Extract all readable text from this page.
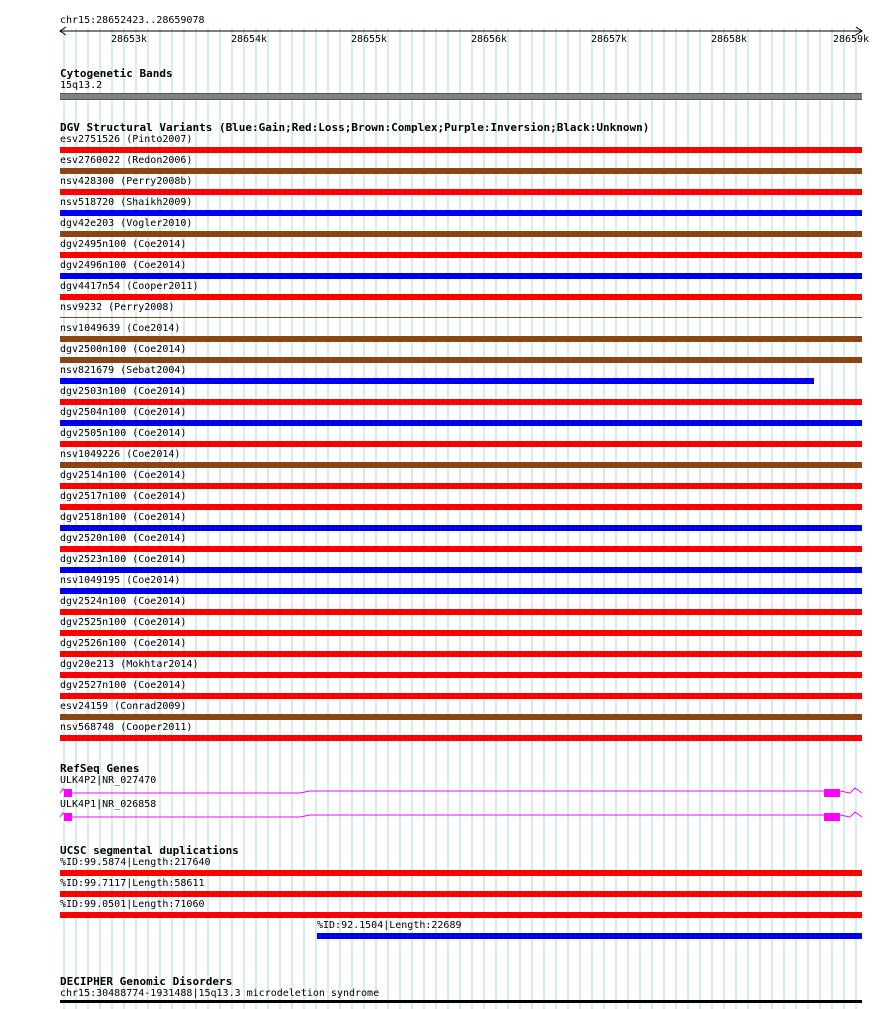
chr15:28652423..28659078
28653k	28654k	28655k	28656k	28657k	28658k	28659k
Cytogenetic Bands
15q13.2
DGV Structural Variants (Blue:Gain;Red:Loss;Brown:Complex;Purple:Inversion;Black:Unknown)
esv2751526 (Pinto2007)
esv2760022 (Redon2006)
nsv428300 (Perry2008b)
nsv518720 (Shaikh2009)
dgv42e203 (Vogler2010)
dgv2495n100 (Coe2014)
dgv2496n100 (Coe2014)
dgv4417n54 (Cooper2011)
nsv9232 (Perry2008)
nsv1049639 (Coe2014)
dgv2500n100 (Coe2014)
nsv821679 (Sebat2004)
dgv2503n100 (Coe2014)
dgv2504n100 (Coe2014)
dgv2505n100 (Coe2014)
nsv1049226 (Coe2014)
dgv2514n100 (Coe2014)
dgv2517n100 (Coe2014)
dgv2518n100 (Coe2014)
dgv2520n100 (Coe2014)
dgv2523n100 (Coe2014)
nsv1049195 (Coe2014)
dgv2524n100 (Coe2014)
dgv2525n100 (Coe2014)
dgv2526n100 (Coe2014)
dgv20e213 (Mokhtar2014)
dgv2527n100 (Coe2014)
esv24159 (Conrad2009)
nsv568748 (Cooper2011)
RefSeq Genes
ULK4P2|NR_027470
ULK4P1|NR_026858
UCSC segmental duplications
%ID:99.5874|Length:217640
%ID:99.7117|Length:58611
%ID:99.0501|Length:71060
%ID:92.1504|Length:22689
DECIPHER Genomic Disorders
chr15:30488774-1931488|15q13.3 microdeletion syndrome
